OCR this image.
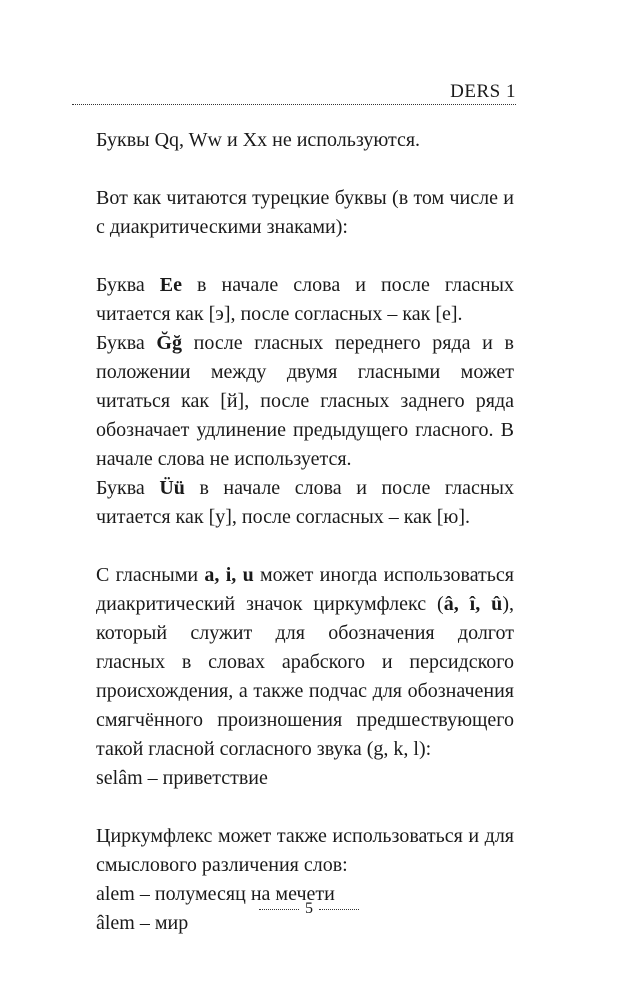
DERS 1

Буквы Qq, Ww и Xx не используются.

Вот как читаются турецкие буквы (в том числе и с диакритическими знаками):

Буква Ee в начале слова и после гласных читается как [э], после согласных – как [е].

Буква Ğğ после гласных переднего ряда и в положении между двумя гласными может читаться как [й], после гласных заднего ряда обозначает удлинение предыдущего гласного. В начале слова не используется.

Буква Üü в начале слова и после гласных читается как [у], после согласных – как [ю].

С гласными a, i, u может иногда использоваться диакритический значок циркумфлекс (â, î, û), который служит для обозначения долгот гласных в словах арабского и персидского происхождения, а также подчас для обозначения смягчённого произношения предшествующего такой гласной согласного звука (g, k, l):

selâm – приветствие

Циркумфлекс может также использоваться и для смыслового различения слов:

alem – полумесяц на мечети

âlem – мир

5
